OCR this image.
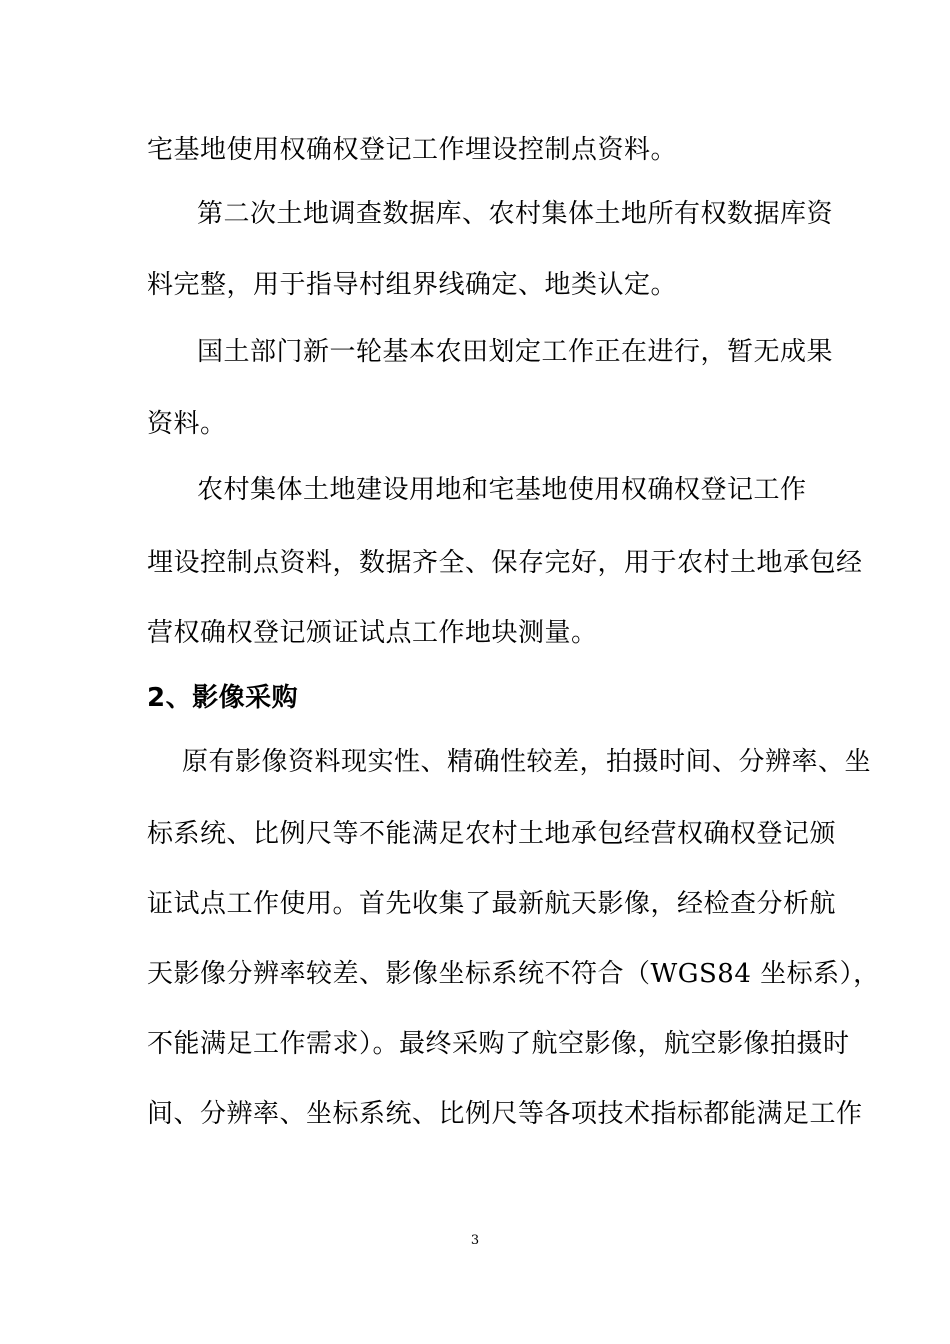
宅基地使用权确权登记工作埋设控制点资料。
第二次土地调查数据库、农村集体土地所有权数据库资
料完整，用于指导村组界线确定、地类认定。
国土部门新一轮基本农田划定工作正在进行，暂无成果
资料。
农村集体土地建设用地和宅基地使用权确权登记工作
埋设控制点资料，数据齐全、保存完好，用于农村土地承包经
营权确权登记颁证试点工作地块测量。
2、影像采购
原有影像资料现实性、精确性较差，拍摄时间、分辨率、坐
标系统、比例尺等不能满足农村土地承包经营权确权登记颁
证试点工作使用。首先收集了最新航天影像，经检查分析航
天影像分辨率较差、影像坐标系统不符合（WGS84 坐标系），
不能满足工作需求）。最终采购了航空影像，航空影像拍摄时
间、分辨率、坐标系统、比例尺等各项技术指标都能满足工作
3
